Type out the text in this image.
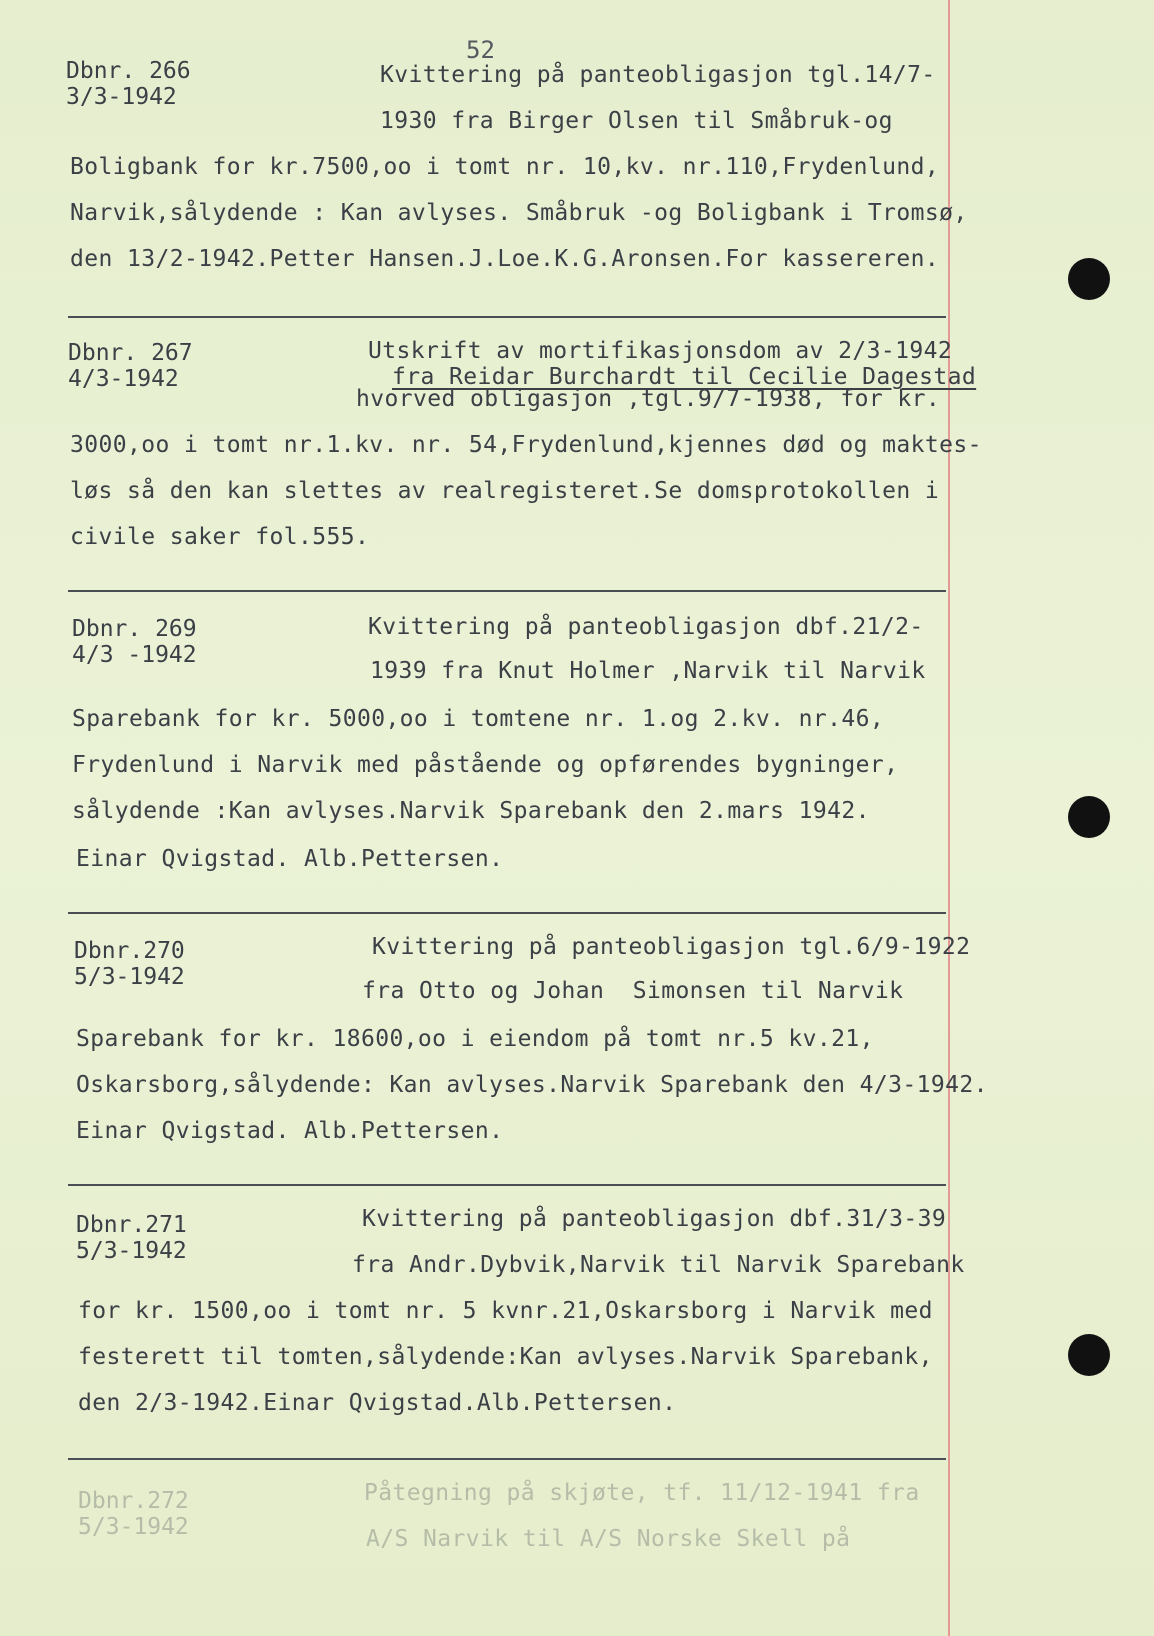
52
Dbnr. 266
3/3-1942
Kvittering på panteobligasjon tgl.14/7-
1930 fra Birger Olsen til Småbruk-og
Boligbank for kr.7500,oo i tomt nr. 10,kv. nr.110,Frydenlund,
Narvik,sålydende : Kan avlyses. Småbruk -og Boligbank i Tromsø,
den 13/2-1942.Petter Hansen.J.Loe.K.G.Aronsen.For kassereren.
Dbnr. 267
4/3-1942
Utskrift av mortifikasjonsdom av 2/3-1942
fra Reidar Burchardt til Cecilie Dagestad
hvorved obligasjon ,tgl.9/7-1938, for kr.
3000,oo i tomt nr.1.kv. nr. 54,Frydenlund,kjennes død og maktes-
løs så den kan slettes av realregisteret.Se domsprotokollen i
civile saker fol.555.
Dbnr. 269
4/3 -1942
Kvittering på panteobligasjon dbf.21/2-
1939 fra Knut Holmer ,Narvik til Narvik
Sparebank for kr. 5000,oo i tomtene nr. 1.og 2.kv. nr.46,
Frydenlund i Narvik med påstående og opførendes bygninger,
sålydende :Kan avlyses.Narvik Sparebank den 2.mars 1942.
Einar Qvigstad. Alb.Pettersen.
Dbnr.270
5/3-1942
Kvittering på panteobligasjon tgl.6/9-1922
fra Otto og Johan  Simonsen til Narvik
Sparebank for kr. 18600,oo i eiendom på tomt nr.5 kv.21,
Oskarsborg,sålydende: Kan avlyses.Narvik Sparebank den 4/3-1942.
Einar Qvigstad. Alb.Pettersen.
Dbnr.271
5/3-1942
Kvittering på panteobligasjon dbf.31/3-39
fra Andr.Dybvik,Narvik til Narvik Sparebank
for kr. 1500,oo i tomt nr. 5 kvnr.21,Oskarsborg i Narvik med
festerett til tomten,sålydende:Kan avlyses.Narvik Sparebank,
den 2/3-1942.Einar Qvigstad.Alb.Pettersen.
Dbnr.272
5/3-1942
Påtegning på skjøte, tf. 11/12-1941 fra
A/S Narvik til A/S Norske Skell på
